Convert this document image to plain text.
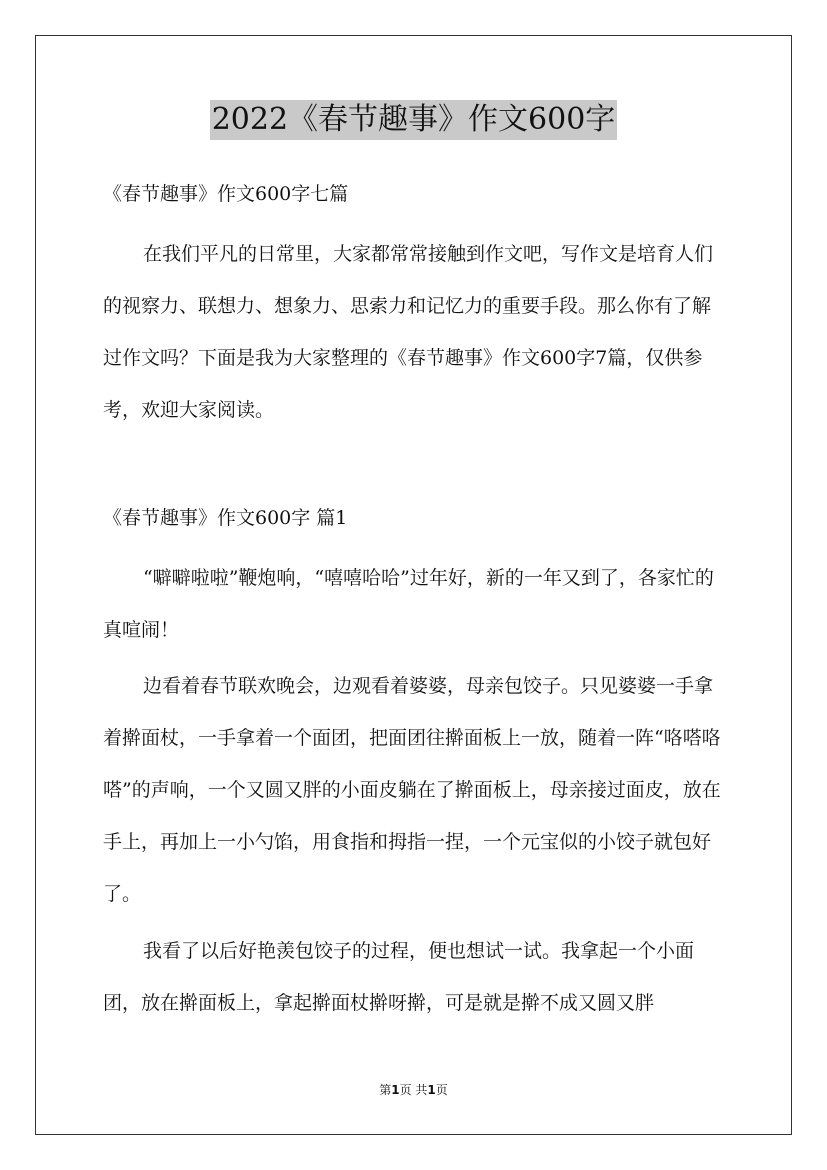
2022《春节趣事》作文600字
《春节趣事》作文600字七篇
在我们平凡的日常里，大家都常常接触到作文吧，写作文是培育人们的视察力、联想力、想象力、思索力和记忆力的重要手段。那么你有了解过作文吗？下面是我为大家整理的《春节趣事》作文600字7篇，仅供参考，欢迎大家阅读。
《春节趣事》作文600字 篇1
“噼噼啦啦”鞭炮响，“嘻嘻哈哈”过年好，新的一年又到了，各家忙的真喧闹！
边看着春节联欢晚会，边观看着婆婆，母亲包饺子。只见婆婆一手拿着擀面杖，一手拿着一个面团，把面团往擀面板上一放，随着一阵“咯嗒咯嗒”的声响，一个又圆又胖的小面皮躺在了擀面板上，母亲接过面皮，放在手上，再加上一小勺馅，用食指和拇指一捏，一个元宝似的小饺子就包好了。
我看了以后好艳羡包饺子的过程，便也想试一试。我拿起一个小面团，放在擀面板上，拿起擀面杖擀呀擀，可是就是擀不成又圆又胖
第1页 共1页
